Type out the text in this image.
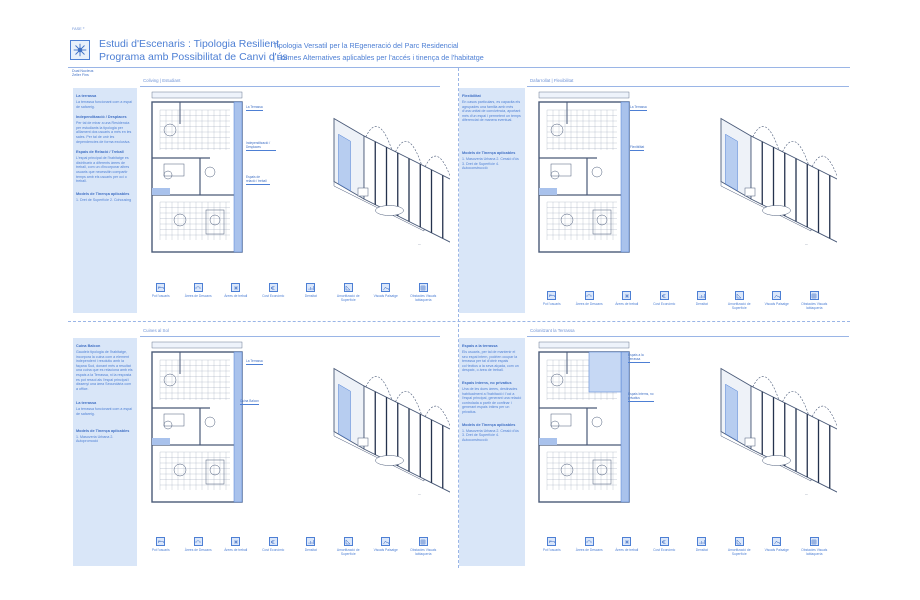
FASE ⁰
Estudi d'Escenaris : Tipologia Resilient
Programa amb Possibilitat de Canvi d'ús
Tipologia Versatil per la REgeneració del Parc Residencial
| Formes Alternatives aplicables per l'accés i tinença de l'habitatge
Dual Nucleus
Zeller Fins
La terrassa
La terrassa funcionant com a espai de safareig.
Independització / Desplaces
Per tal de mirar a una Residencia per estudiants la tipologia per aïllament dos usuaris a més en les sales. Per tal de unir les dependencies de forma exclusiva.
Espais de Relació / Treball
L'espai principal de l'habitatge es distribueix a diferents àrees de treball, com un d'incorporar altres usuaris que necessitin compartir temps amb els usuaris per oci o treball.
Models de Tinença aplicables
1. Dret de Superfície 2. Cohousing
Cuina Balcon
Gaudeix tipologia de l'habitatge, incorpora la cuina com a element independent i resolutiu amb la façana Sud, donant més a resultat una cuina que es relaciona amb els espais a la Terrassa, ni la resposta es pot ressol als l'espai principal i dissenyi una àrea Secundària com a office.
La terrassa
La terrassa funcionant com a espai de safareig.
Models de Tinença aplicables
1. Masoveria Urbana 2. Autopromoció
Flexibilitat
En casos particulars, es capacita els agrupades una familia amb més d'una unitat de convivència, aportant més d'un espai i permetent un temps diferenciat de manera eventual.
Models de Tinença aplicables
1. Masoveria Urbana 2. Cessió d'ús 3. Dret de Superfície 4. Autoconstrucció
Espais a la terrassa
Els usuaris, per tal de mantenir el seu espai intern, podrien ocupar la terrassa per tal d'obrir espais col·lectius a la seva alçada, com un despatx, o àrea de treball.
Espais Interns, no privatius
Una de les dues àrees, destinades habitualment a l'habitació i l'oci a l'espai principal, generant una relació controlada a partir de confinar i generant espais íntims per un privatius.
Models de Tinença aplicables
1. Masoveria Urbana 2. Cessió d'ús 3. Dret de Superfície 4. Autoconstrucció
Coliving | Estudiant
Cuines al Sol
Dafarrollat | Flexibilitat
Colonitzant la Terrassa
—
—
—
—
La Terrassa
Independització / Desplaces
Espais de relació / treball
La Terrassa
Cuina Balcon
La Terrassa
Flexibilitat
Espais a la Terrassa
Espais Interns, no privatius
Pot l'usuaris	Àrees de Descans	Àrees de treball	Cost Econòmic	Densitat	Amortització de Superfície
Visuals Paisatge	Obstacles Visuals Iablaquería
Pot l'usuaris	Àrees de Descans	Àrees de treball	Cost Econòmic	Densitat	Amortització de Superfície
Visuals Paisatge	Obstacles Visuals Iablaquería
Pot l'usuaris	Àrees de Descans	Àrees de treball	Cost Econòmic	Densitat	Amortització de Superfície
Visuals Paisatge	Obstacles Visuals Iablaquería
Pot l'usuaris	Àrees de Descans	Àrees de treball	Cost Econòmic	Densitat	Amortització de Superfície
Visuals Paisatge	Obstacles Visuals Iablaquería
